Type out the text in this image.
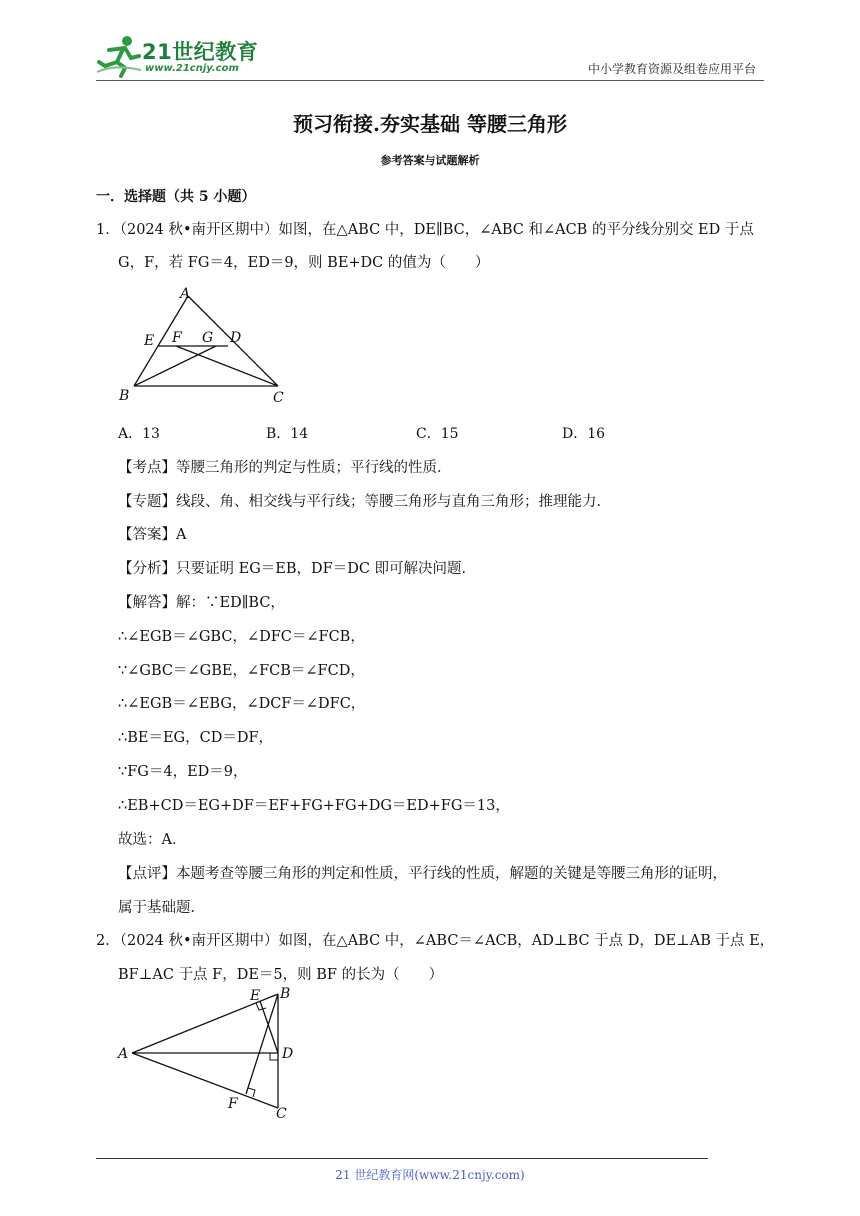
21世纪教育
www.21cnjy.com	中小学教育资源及组卷应用平台
预习衔接.夯实基础 等腰三角形
参考答案与试题解析
一．选择题（共 5 小题）
1．（2024 秋•南开区期中）如图，在△ABC 中，DE∥BC，∠ABC 和∠ACB 的平分线分别交 ED 于点
G，F，若 FG＝4，ED＝9，则 BE+DC 的值为（　　）
A
E F G D
B	C
A．13	B．14	C．15	D．16
【考点】等腰三角形的判定与性质；平行线的性质．
【专题】线段、角、相交线与平行线；等腰三角形与直角三角形；推理能力．
【答案】A
【分析】只要证明 EG＝EB，DF＝DC 即可解决问题．
【解答】解：∵ED∥BC，
∴∠EGB＝∠GBC，∠DFC＝∠FCB，
∵∠GBC＝∠GBE，∠FCB＝∠FCD，
∴∠EGB＝∠EBG，∠DCF＝∠DFC，
∴BE＝EG，CD＝DF，
∵FG＝4，ED＝9，
∴EB+CD＝EG+DF＝EF+FG+FG+DG＝ED+FG＝13，
故选：A．
【点评】本题考查等腰三角形的判定和性质，平行线的性质，解题的关键是等腰三角形的证明，
属于基础题．
2．（2024 秋•南开区期中）如图，在△ABC 中，∠ABC＝∠ACB，AD⊥BC 于点 D，DE⊥AB 于点 E，
BF⊥AC 于点 F，DE＝5，则 BF 的长为（　　）
A
E B
D
F
C
21 世纪教育网(www.21cnjy.com)
